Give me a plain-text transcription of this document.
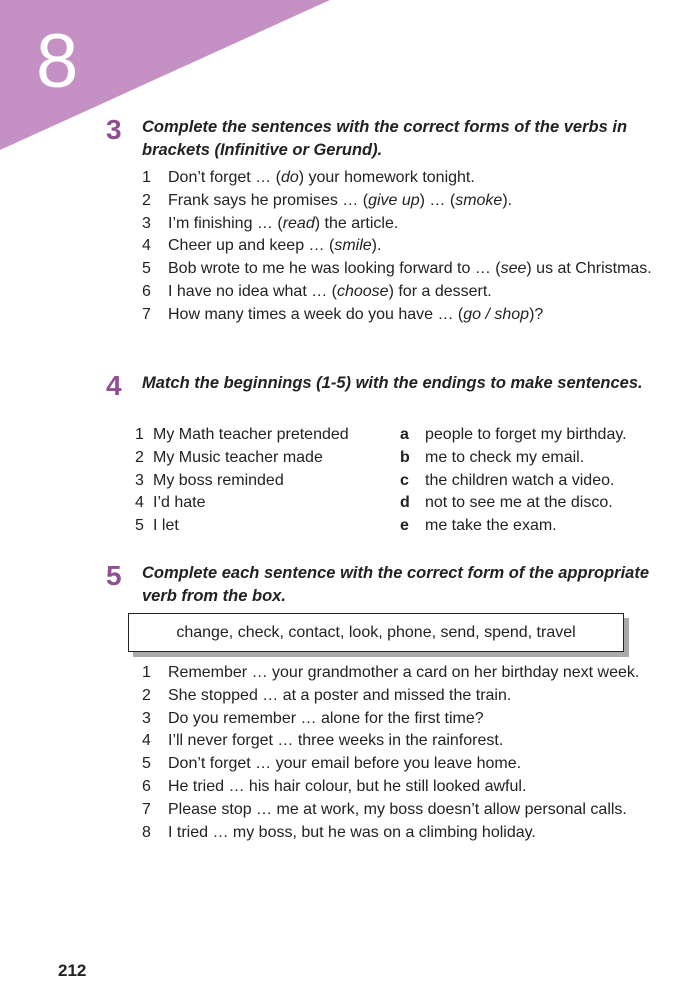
8
3 Complete the sentences with the correct forms of the verbs in brackets (Infinitive or Gerund).
1	Don’t forget … (do) your homework tonight.
2	Frank says he promises … (give up) … (smoke).
3	I’m finishing … (read) the article.
4	Cheer up and keep … (smile).
5	Bob wrote to me he was looking forward to … (see) us at Christmas.
6	I have no idea what … (choose) for a dessert.
7	How many times a week do you have … (go / shop)?
4 Match the beginnings (1-5) with the endings to make sentences.
1 My Math teacher pretended	a	people to forget my birthday.
2 My Music teacher made	b me to check my email.
3 My boss reminded	c	the children watch a video.
4 I’d hate	d not to see me at the disco.
5 I let	e	me take the exam.
5 Complete each sentence with the correct form of the appropriate verb from the box.
change, check, contact, look, phone, send, spend, travel
1	Remember … your grandmother a card on her birthday next week.
2	She stopped … at a poster and missed the train.
3	Do you remember … alone for the first time?
4	I’ll never forget … three weeks in the rainforest.
5	Don’t forget … your email before you leave home.
6	He tried … his hair colour, but he still looked awful.
7	Please stop … me at work, my boss doesn’t allow personal calls.
8	I tried … my boss, but he was on a climbing holiday.
212
